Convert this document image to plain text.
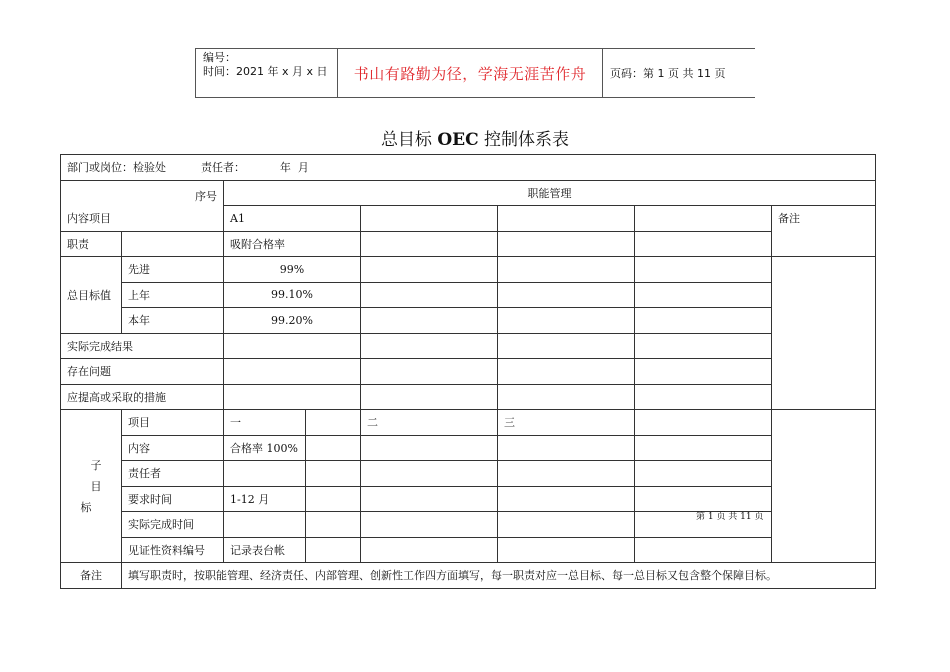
编号：
时间：2021 年 x 月 x 日	书山有路勤为径，学海无涯苦作舟	页码：第 1 页 共 11 页
总目标 OEC 控制体系表
部门或岗位：检验处          责任者：          年  月							

序号
内容项目		职能管理					
		A1					备注
职责		吸附合格率					
总目标值	先进	99%					
	上年	99.10%					
	本年	99.20%					
实际完成结果							
存在问题							
应提高或采取的措施							

子
目
标	项目	一		二	三		
	内容	合格率 100%					
	责任者						
	要求时间	1-12 月					
	实际完成时间						
	见证性资料编号	记录表台帐					
备注	填写职责时，按职能管理、经济责任、内部管理、创新性工作四方面填写，每一职责对应一总目标、每一总目标又包含整个保障目标。						
第 1 页 共 11 页
